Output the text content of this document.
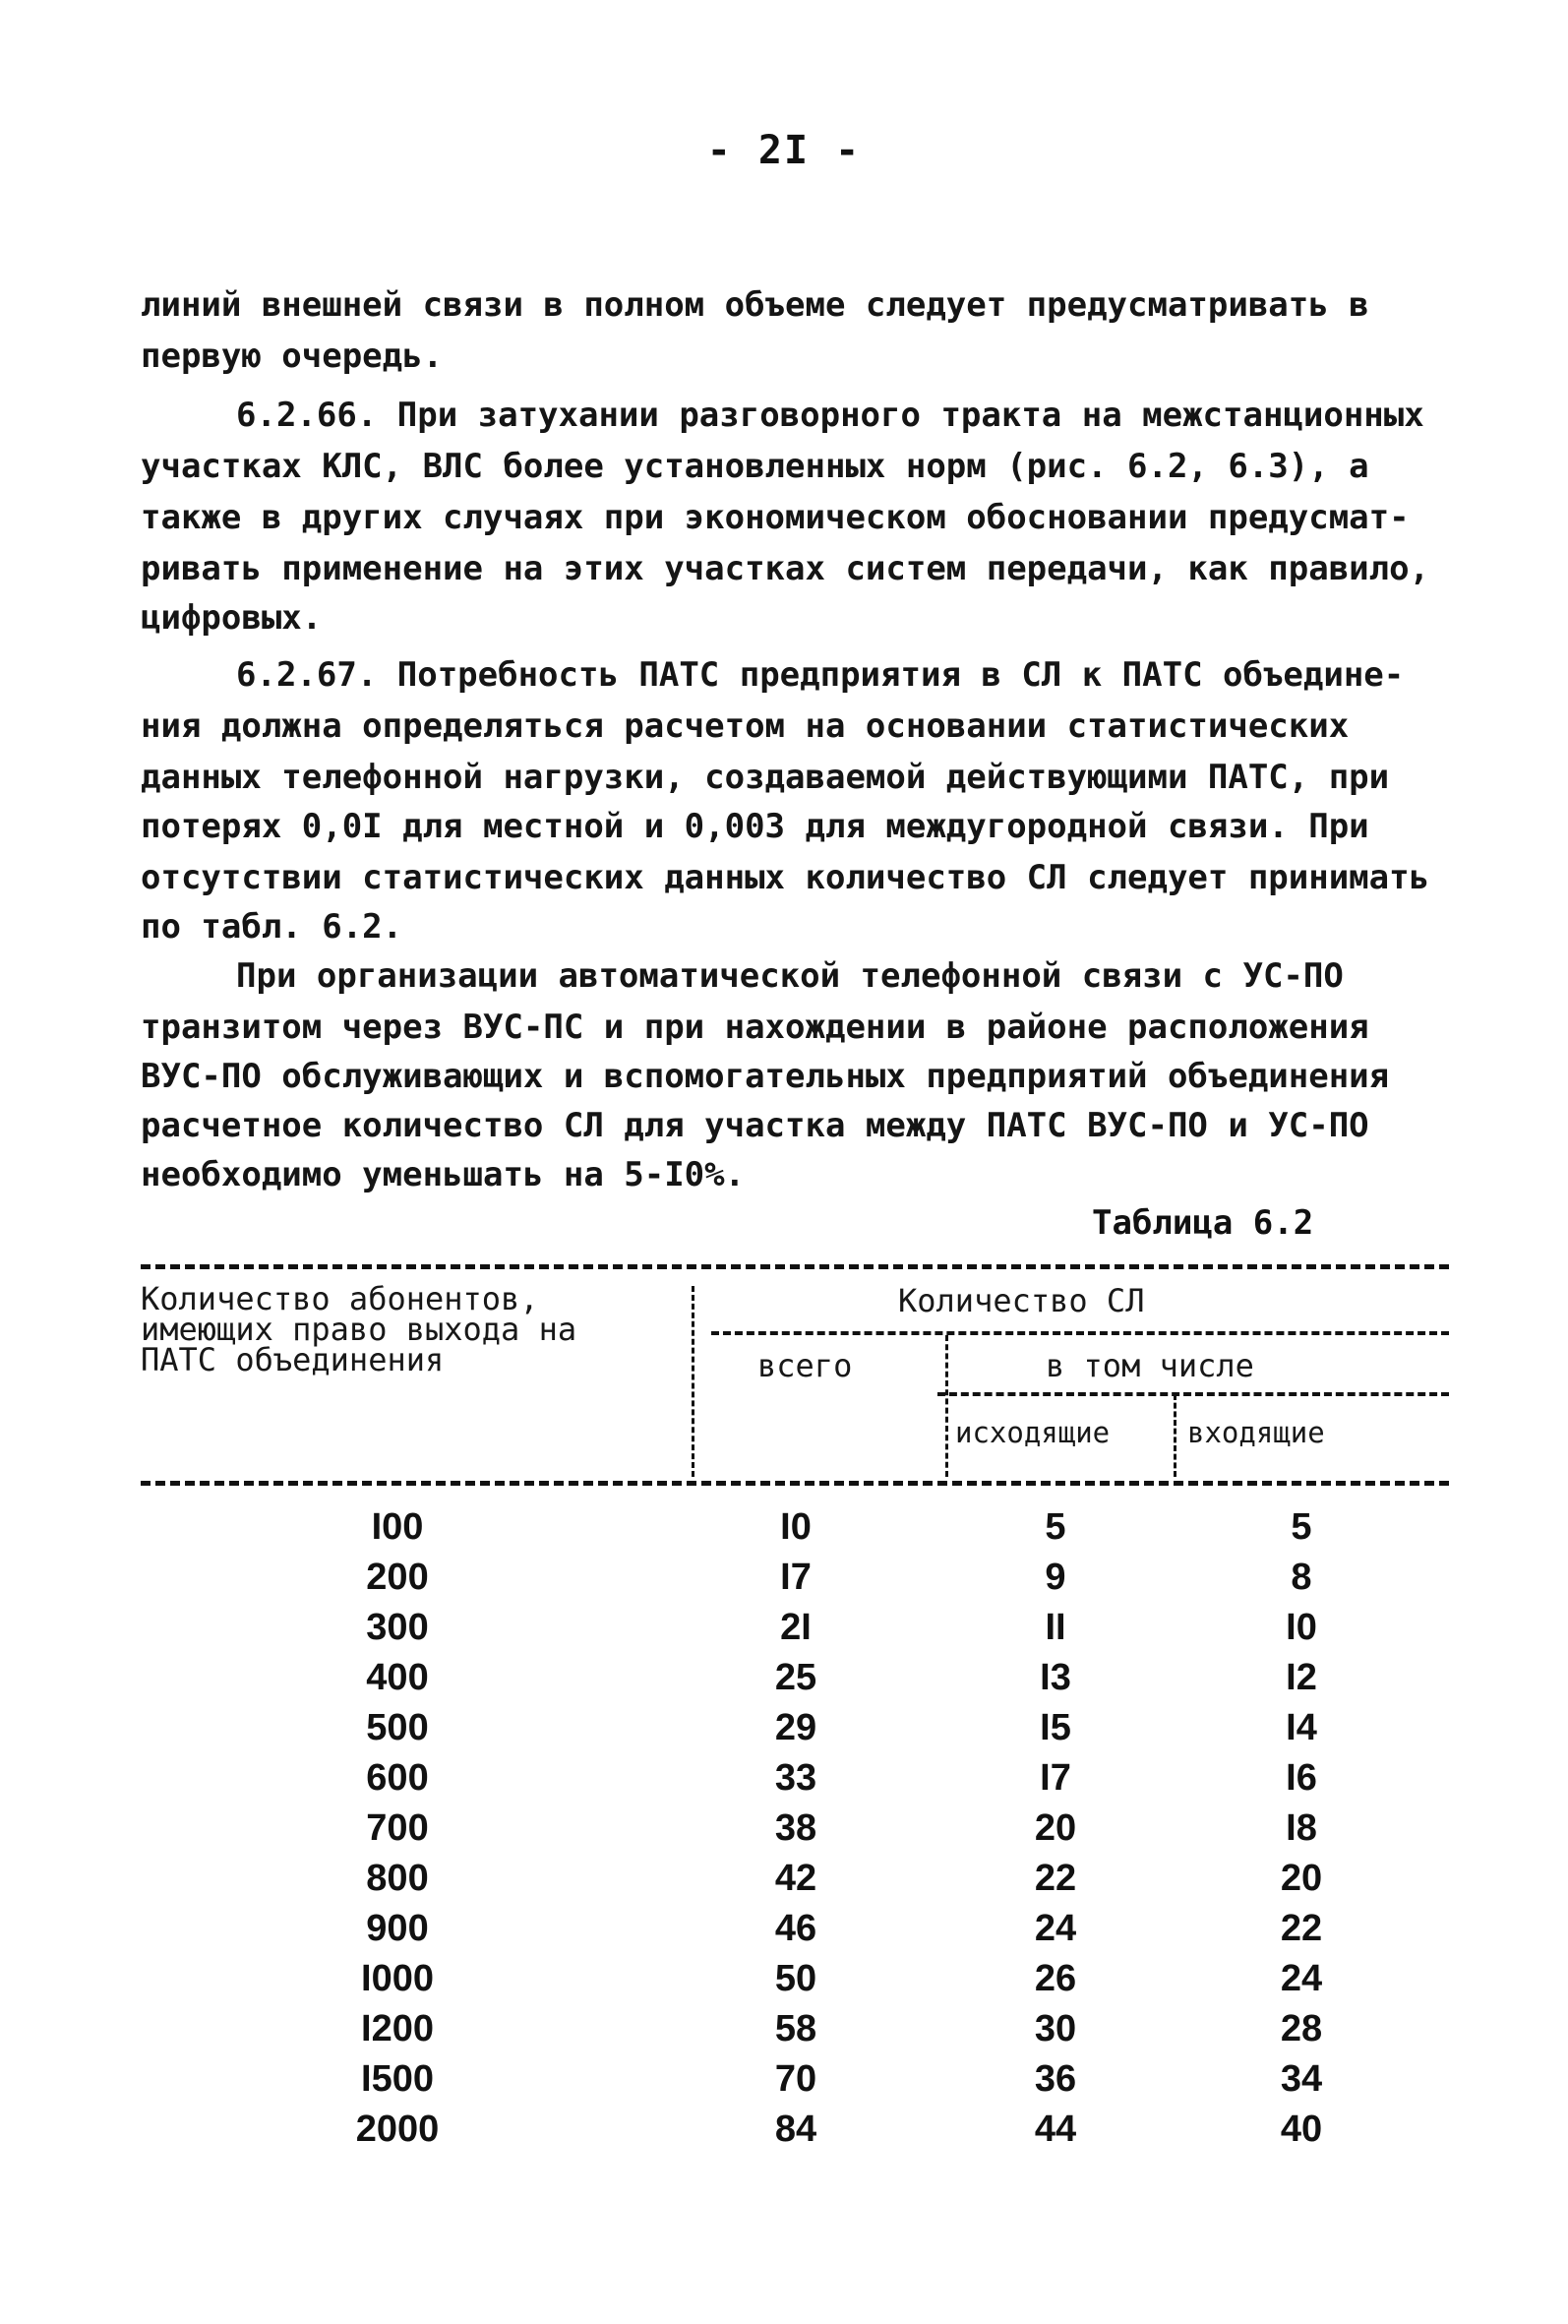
- 2I -
линий внешней связи в полном объеме следует предусматривать в
первую очередь.
6.2.66. При затухании разговорного тракта на межстанционных
участках КЛС, ВЛС более установленных норм (рис. 6.2, 6.3), а
также в других случаях при экономическом обосновании предусмат-
ривать применение на этих участках систем передачи, как правило,
цифровых.
6.2.67. Потребность ПАТС предприятия в СЛ к ПАТС объедине-
ния должна определяться расчетом на основании статистических
данных телефонной нагрузки, создаваемой действующими ПАТС, при
потерях 0,0I для местной и 0,003 для междугородной связи. При
отсутствии статистических данных количество СЛ следует принимать
по табл. 6.2.
При организации автоматической телефонной связи с УС-ПО
транзитом через ВУС-ПС и при нахождении в районе расположения
ВУС-ПО обслуживающих и вспомогательных предприятий объединения
расчетное количество СЛ для участка между ПАТС ВУС-ПО и УС-ПО
необходимо уменьшать на 5-I0%.
Таблица 6.2
Количество абонентов,
имеющих право выхода на
ПАТС объединения
Количество СЛ
всего	в том числе
исходящие	входящие
I00	I0	5	5
200	I7	9	8
300	2I	II	I0
400	25	I3	I2
500	29	I5	I4
600	33	I7	I6
700	38	20	I8
800	42	22	20
900	46	24	22
I000	50	26	24
I200	58	30	28
I500	70	36	34
2000	84	44	40
